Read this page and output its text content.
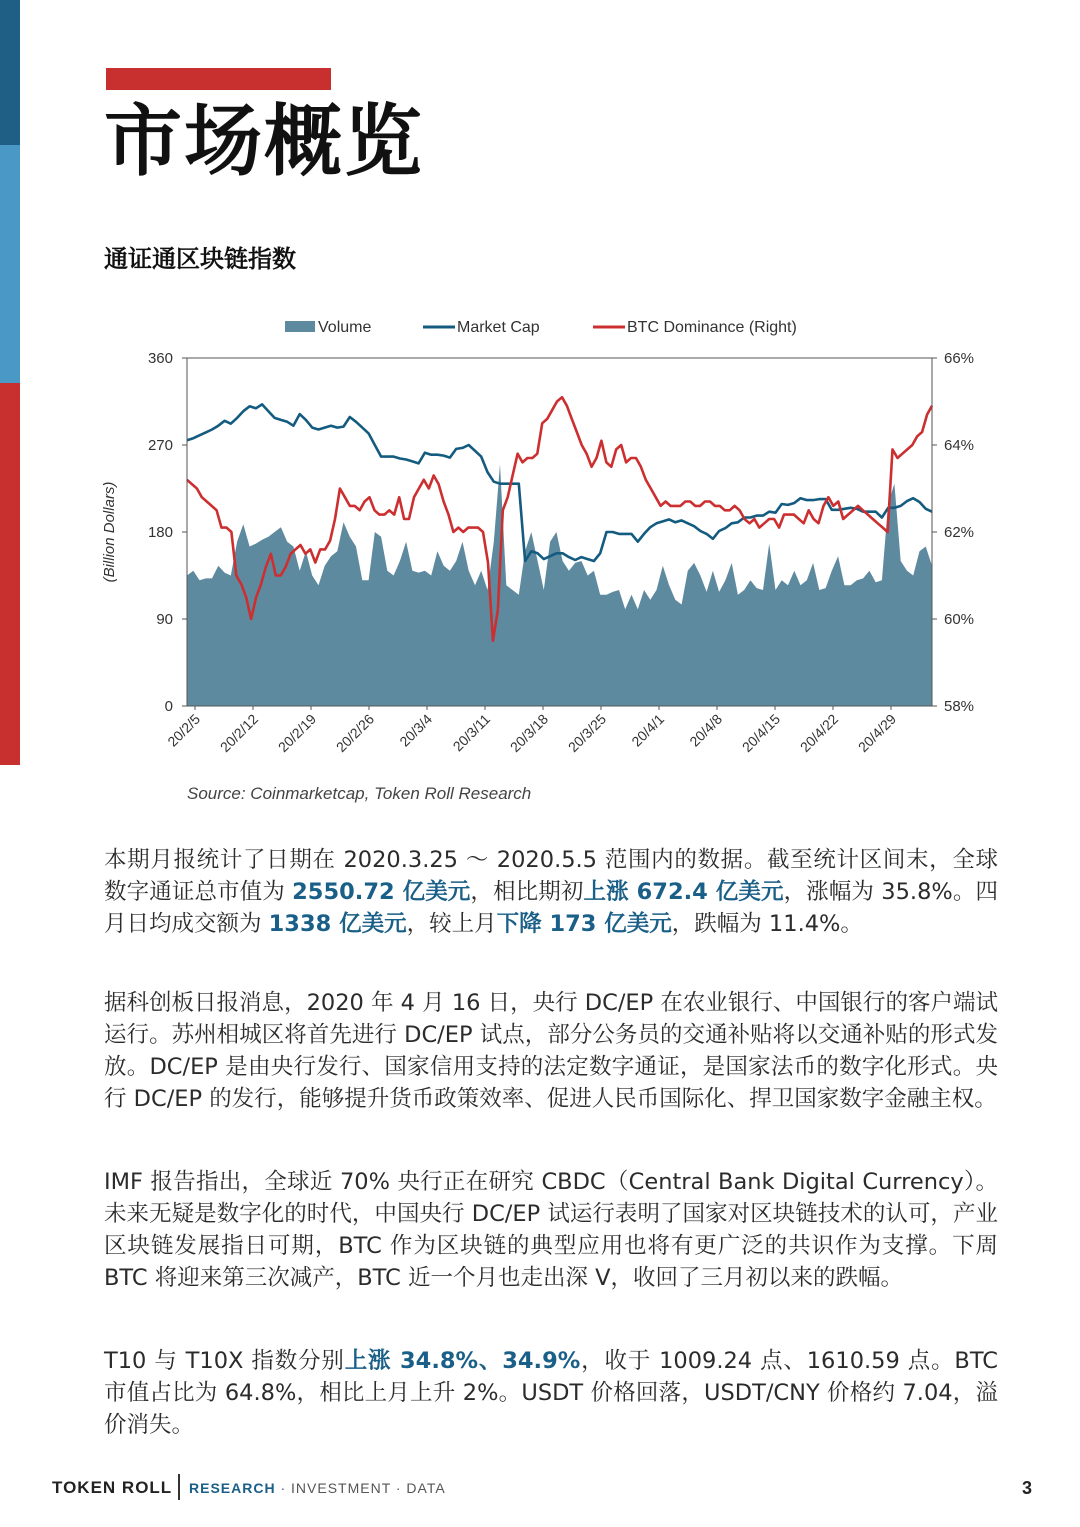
市场概览
通证通区块链指数
Volume	Market Cap	BTC Dominance (Right)
0
90
180
270
360
58%
60%
62%
64%
66%
(Billion Dollars)
20/2/5 20/2/12 20/2/19 20/2/26 20/3/4 20/3/11 20/3/18 20/3/25 20/4/1 20/4/8 20/4/15 20/4/22 20/4/29
Source: Coinmarketcap, Token Roll Research

本期月报统计了日期在 2020.3.25 ～ 2020.5.5 范围内的数据。截至统计区间末，全球数字通证总市值为 2550.72 亿美元，相比期初上涨 672.4 亿美元，涨幅为 35.8%。四月日均成交额为 1338 亿美元，较上月下降 173 亿美元，跌幅为 11.4%。

据科创板日报消息，2020 年 4 月 16 日，央行 DC/EP 在农业银行、中国银行的客户端试运行。苏州相城区将首先进行 DC/EP 试点，部分公务员的交通补贴将以交通补贴的形式发放。DC/EP 是由央行发行、国家信用支持的法定数字通证，是国家法币的数字化形式。央行 DC/EP 的发行，能够提升货币政策效率、促进人民币国际化、捍卫国家数字金融主权。

IMF 报告指出，全球近 70% 央行正在研究 CBDC（Central Bank Digital Currency）。未来无疑是数字化的时代，中国央行 DC/EP 试运行表明了国家对区块链技术的认可，产业区块链发展指日可期，BTC 作为区块链的典型应用也将有更广泛的共识作为支撑。下周 BTC 将迎来第三次减产，BTC 近一个月也走出深 V，收回了三月初以来的跌幅。

T10 与 T10X 指数分别上涨 34.8%、34.9%，收于 1009.24 点、1610.59 点。BTC 市值占比为 64.8%，相比上月上升 2%。USDT 价格回落，USDT/CNY 价格约 7.04，溢价消失。

TOKEN ROLL RESEARCH · INVESTMENT · DATA	3
